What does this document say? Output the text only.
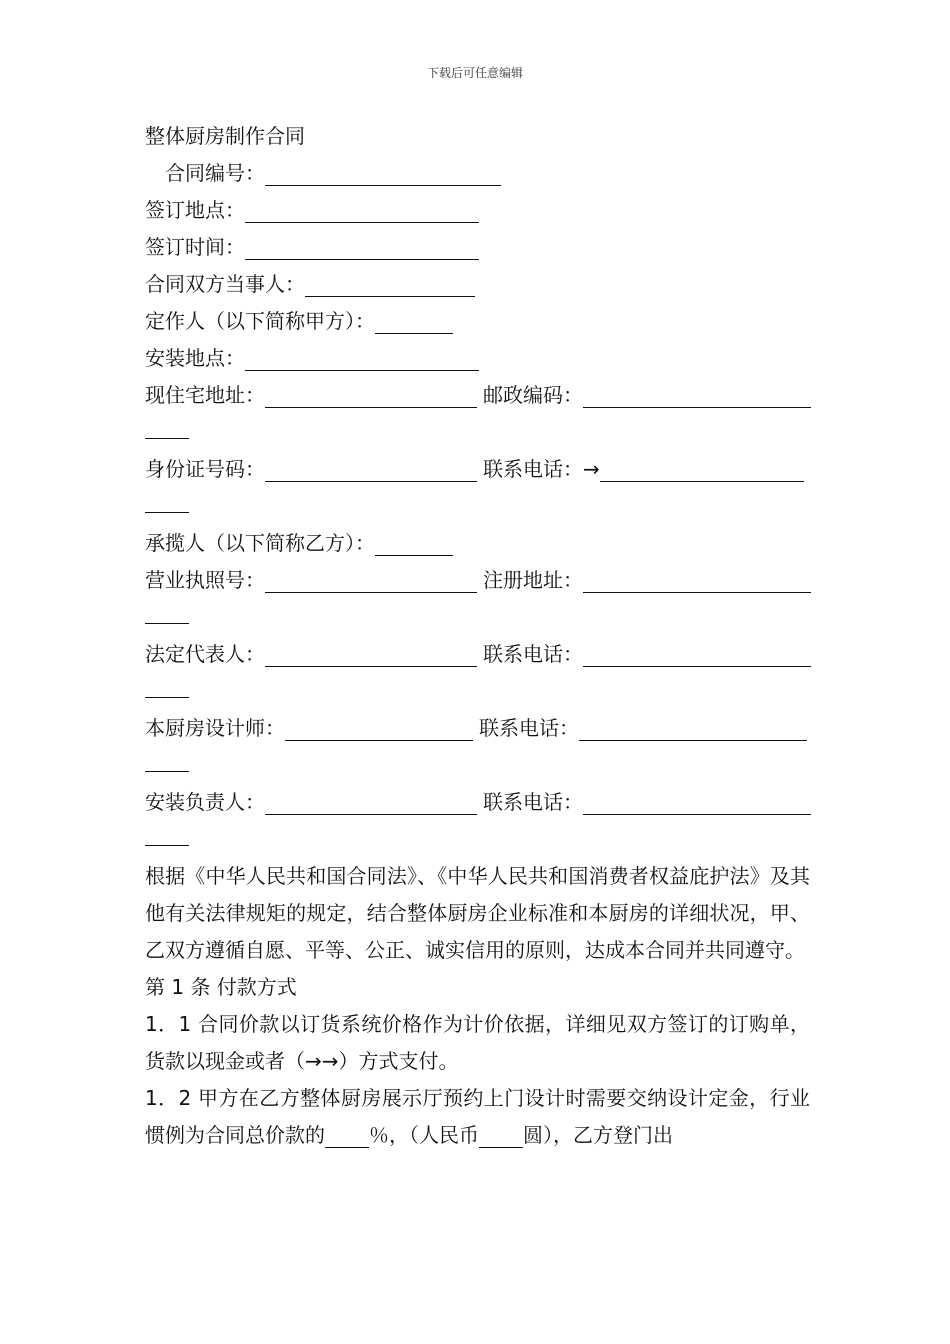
下载后可任意编辑
整体厨房制作合同
合同编号：
签订地点：
签订时间：
合同双方当事人：
定作人（以下简称甲方）：
安装地点：
现住宅地址：	邮政编码：
身份证号码：	联系电话：→
承揽人（以下简称乙方）：
营业执照号：	注册地址：
法定代表人：	联系电话：
本厨房设计师：	联系电话：
安装负责人：	联系电话：
根据《中华人民共和国合同法》、《中华人民共和国消费者权益庇护法》及其他有关法律规矩的规定，结合整体厨房企业标准和本厨房的详细状况，甲、乙双方遵循自愿、平等、公正、诚实信用的原则，达成本合同并共同遵守。
第 1 条 付款方式
1．1 合同价款以订货系统价格作为计价依据，详细见双方签订的订购单，货款以现金或者（→→）方式支付。
1．2 甲方在乙方整体厨房展示厅预约上门设计时需要交纳设计定金，行业惯例为合同总价款的 ％，（人民币 圆），乙方登门出
